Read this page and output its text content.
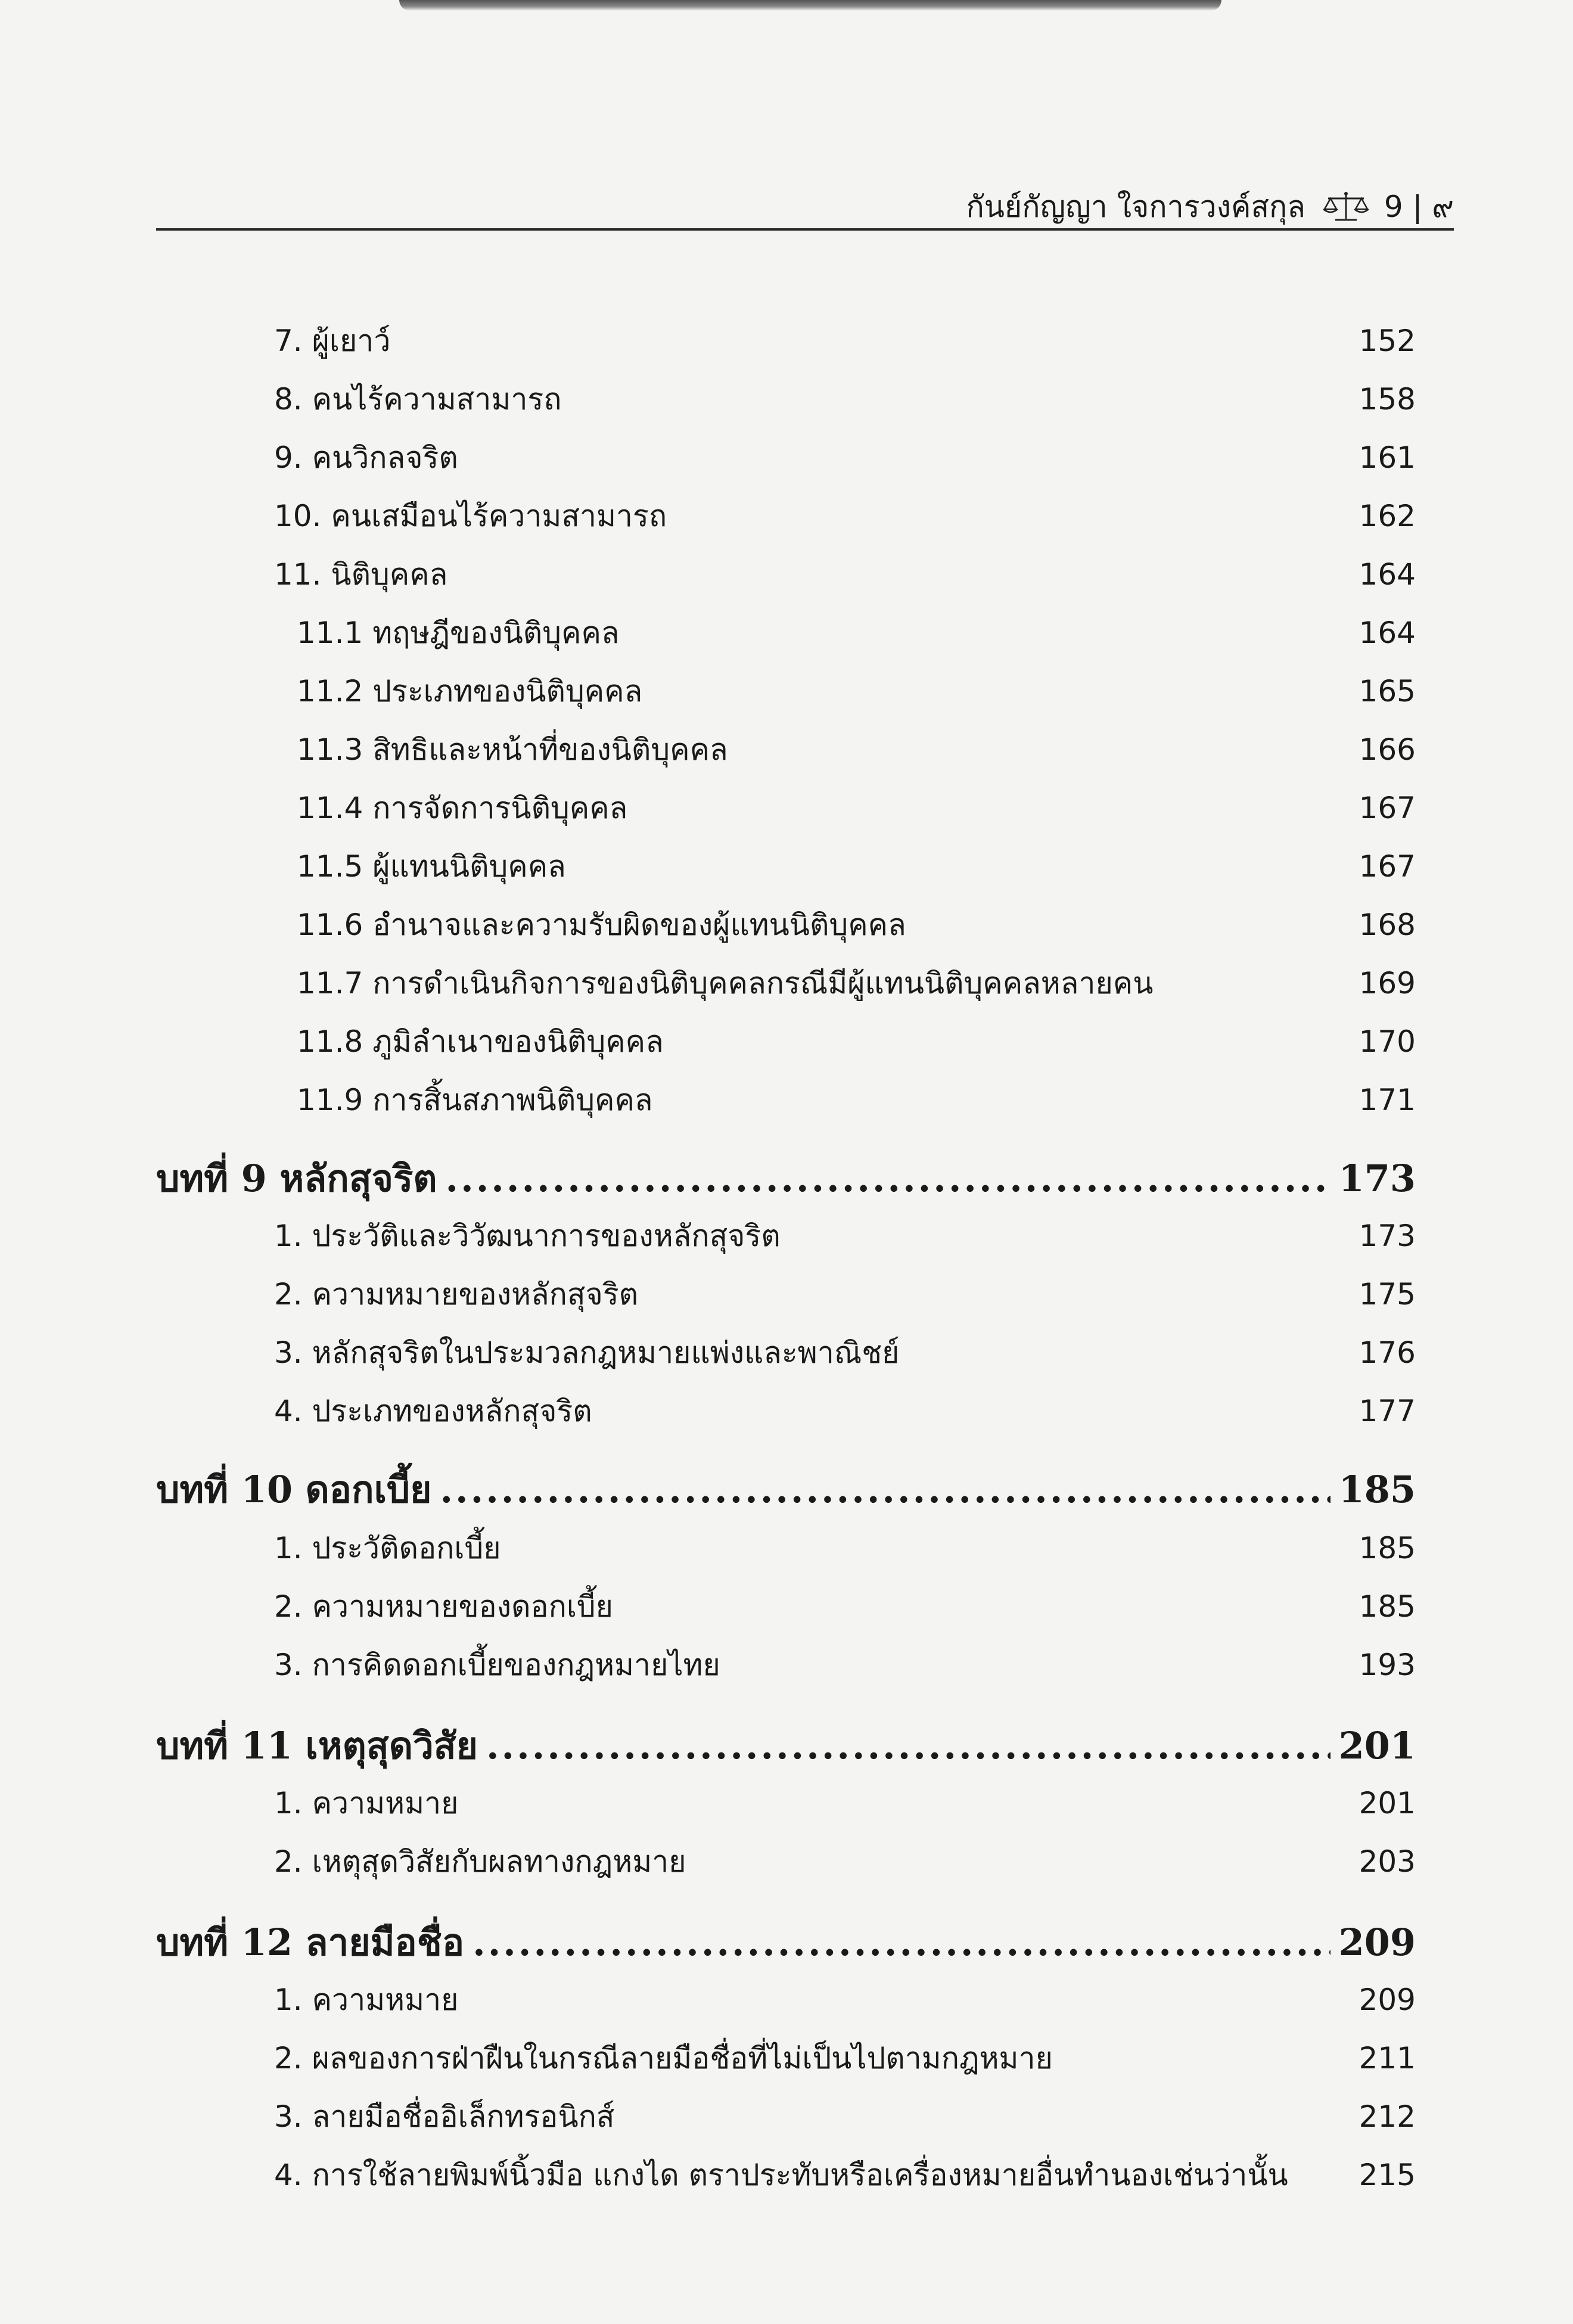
กันย์กัญญา ใจการวงค์สกุล	9 | ๙
7. ผู้เยาว์	152
8. คนไร้ความสามารถ	158
9. คนวิกลจริต	161
10. คนเสมือนไร้ความสามารถ	162
11. นิติบุคคล	164
11.1 ทฤษฎีของนิติบุคคล	164
11.2 ประเภทของนิติบุคคล	165
11.3 สิทธิและหน้าที่ของนิติบุคคล	166
11.4 การจัดการนิติบุคคล	167
11.5 ผู้แทนนิติบุคคล	167
11.6 อำนาจและความรับผิดของผู้แทนนิติบุคคล	168
11.7 การดำเนินกิจการของนิติบุคคลกรณีมีผู้แทนนิติบุคคลหลายคน	169
11.8 ภูมิลำเนาของนิติบุคคล	170
11.9 การสิ้นสภาพนิติบุคคล	171
บทที่ 9 หลักสุจริต .....	173
1. ประวัติและวิวัฒนาการของหลักสุจริต	173
2. ความหมายของหลักสุจริต	175
3. หลักสุจริตในประมวลกฎหมายแพ่งและพาณิชย์	176
4. ประเภทของหลักสุจริต	177
บทที่ 10 ดอกเบี้ย .....	185
1. ประวัติดอกเบี้ย	185
2. ความหมายของดอกเบี้ย	185
3. การคิดดอกเบี้ยของกฎหมายไทย	193
บทที่ 11 เหตุสุดวิสัย .....	201
1. ความหมาย	201
2. เหตุสุดวิสัยกับผลทางกฎหมาย	203
บทที่ 12 ลายมือชื่อ .....	209
1. ความหมาย	209
2. ผลของการฝ่าฝืนในกรณีลายมือชื่อที่ไม่เป็นไปตามกฎหมาย	211
3. ลายมือชื่ออิเล็กทรอนิกส์	212
4. การใช้ลายพิมพ์นิ้วมือ แกงได ตราประทับหรือเครื่องหมายอื่นทำนองเช่นว่านั้น 215
